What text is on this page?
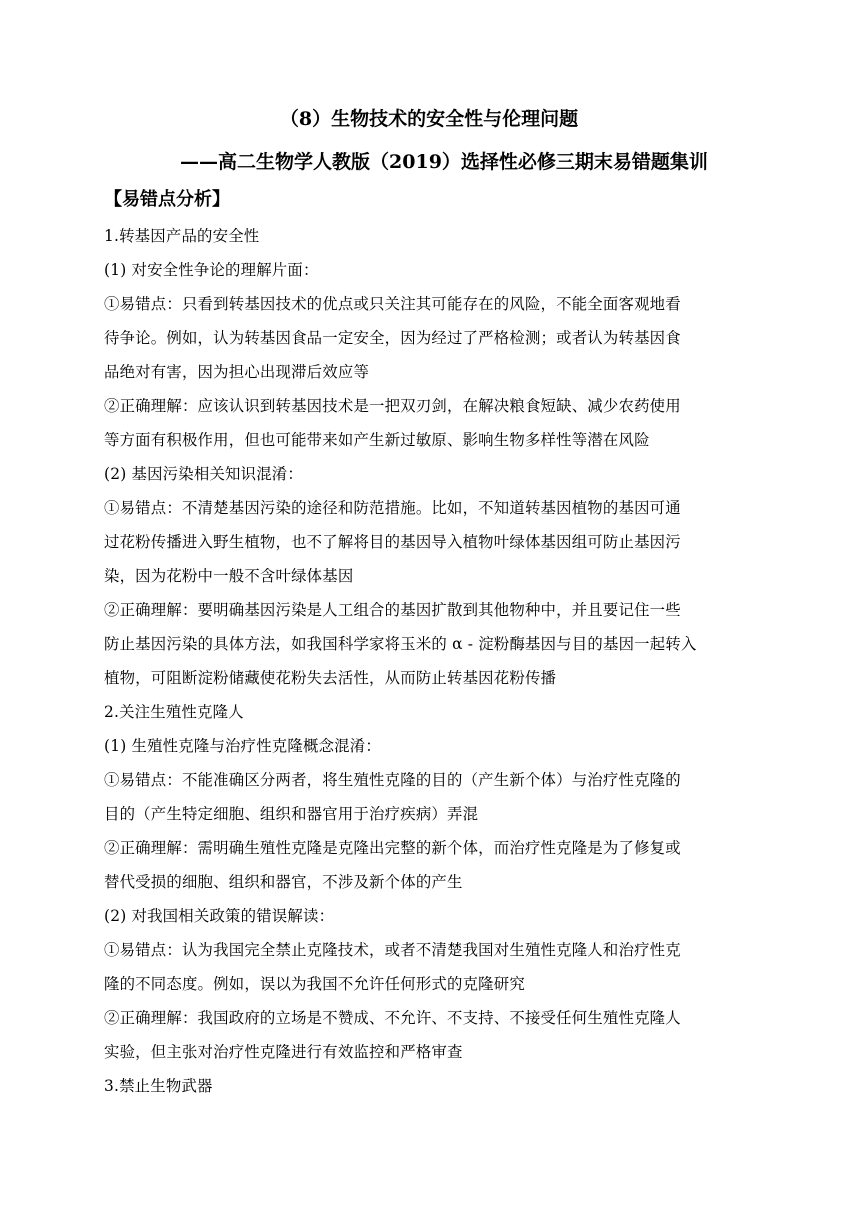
（8）生物技术的安全性与伦理问题
——高二生物学人教版（2019）选择性必修三期末易错题集训
【易错点分析】
1.转基因产品的安全性
(1) 对安全性争论的理解片面：
①易错点：只看到转基因技术的优点或只关注其可能存在的风险，不能全面客观地看
待争论。例如，认为转基因食品一定安全，因为经过了严格检测；或者认为转基因食
品绝对有害，因为担心出现滞后效应等
②正确理解：应该认识到转基因技术是一把双刃剑，在解决粮食短缺、减少农药使用
等方面有积极作用，但也可能带来如产生新过敏原、影响生物多样性等潜在风险
(2) 基因污染相关知识混淆：
①易错点：不清楚基因污染的途径和防范措施。比如，不知道转基因植物的基因可通
过花粉传播进入野生植物，也不了解将目的基因导入植物叶绿体基因组可防止基因污
染，因为花粉中一般不含叶绿体基因
②正确理解：要明确基因污染是人工组合的基因扩散到其他物种中，并且要记住一些
防止基因污染的具体方法，如我国科学家将玉米的 α - 淀粉酶基因与目的基因一起转入
植物，可阻断淀粉储藏使花粉失去活性，从而防止转基因花粉传播
2.关注生殖性克隆人
(1) 生殖性克隆与治疗性克隆概念混淆：
①易错点：不能准确区分两者，将生殖性克隆的目的（产生新个体）与治疗性克隆的
目的（产生特定细胞、组织和器官用于治疗疾病）弄混
②正确理解：需明确生殖性克隆是克隆出完整的新个体，而治疗性克隆是为了修复或
替代受损的细胞、组织和器官，不涉及新个体的产生
(2) 对我国相关政策的错误解读：
①易错点：认为我国完全禁止克隆技术，或者不清楚我国对生殖性克隆人和治疗性克
隆的不同态度。例如，误以为我国不允许任何形式的克隆研究
②正确理解：我国政府的立场是不赞成、不允许、不支持、不接受任何生殖性克隆人
实验，但主张对治疗性克隆进行有效监控和严格审查
3.禁止生物武器
